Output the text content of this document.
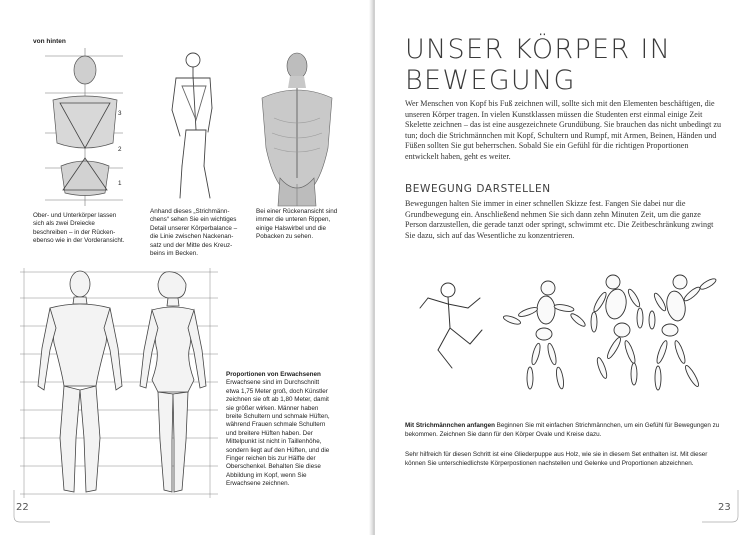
von hinten
3
2
1
Ober- und Unterkörper lassen sich als zwei Dreiecke beschreiben – in der Rücken- ebenso wie in der Vorderansicht.
Anhand dieses „Strichmänn- chens“ sehen Sie ein wichtiges Detail unserer Körperbalance – die Linie zwischen Nackenan- satz und der Mitte des Kreuz- beins im Becken.
Bei einer Rückenansicht sind immer die unteren Rippen, einige Halswirbel und die Pobacken zu sehen.
Proportionen von Erwachsenen
Erwachsene sind im Durchschnitt etwa 1,75 Meter groß, doch Künstler zeichnen sie oft ab 1,80 Meter, damit sie größer wirken. Männer haben breite Schultern und schmale Hüften, während Frauen schmale Schultern und breitere Hüften haben. Der Mittelpunkt ist nicht in Taillenhöhe, sondern liegt auf den Hüften, und die Finger reichen bis zur Hälfte der Oberschenkel. Behalten Sie diese Abbildung im Kopf, wenn Sie Erwachsene zeichnen.
22
UNSER KÖRPER IN
BEWEGUNG
Wer Menschen von Kopf bis Fuß zeichnen will, sollte sich mit den Elementen beschäftigen, die unseren Körper tragen. In vielen Kunstklassen müssen die Studenten erst einmal einige Zeit Skelette zeichnen – das ist eine ausgezeichnete Grundübung. Sie brauchen das nicht unbedingt zu tun; doch die Strichmännchen mit Kopf, Schultern und Rumpf, mit Armen, Beinen, Händen und Füßen sollten Sie gut beherrschen. Sobald Sie ein Gefühl für die richtigen Proportionen entwickelt haben, geht es weiter.
BEWEGUNG DARSTELLEN
Bewegungen halten Sie immer in einer schnellen Skizze fest. Fangen Sie dabei nur die Grundbewegung ein. Anschließend nehmen Sie sich dann zehn Minuten Zeit, um die ganze Person darzustellen, die gerade tanzt oder springt, schwimmt etc. Die Zeitbeschränkung zwingt Sie dazu, sich auf das Wesentliche zu konzentrieren.
Mit Strichmännchen anfangen Beginnen Sie mit einfachen Strichmännchen, um ein Gefühl für Bewegungen zu bekommen. Zeichnen Sie dann für den Körper Ovale und Kreise dazu.
Sehr hilfreich für diesen Schritt ist eine Gliederpuppe aus Holz, wie sie in diesem Set enthalten ist. Mit dieser können Sie unterschiedlichste Körperpostionen nachstellen und Gelenke und Proportionen abzeichnen.
23
